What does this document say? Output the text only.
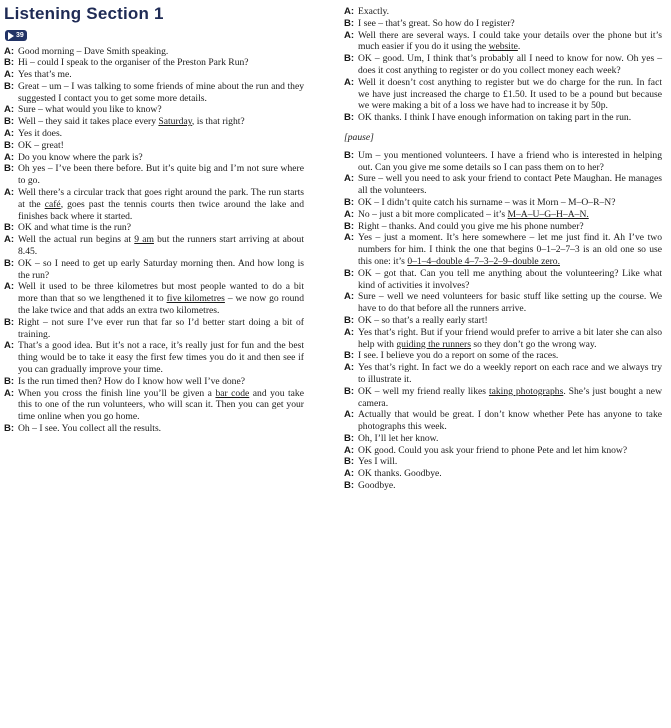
Listening Section 1
39
A: Good morning – Dave Smith speaking.
B: Hi – could I speak to the organiser of the Preston Park Run?
A: Yes that’s me.
B: Great – um – I was talking to some friends of mine about the run and they suggested I contact you to get some more details.
A: Sure – what would you like to know?
B: Well – they said it takes place every Saturday, is that right?
A: Yes it does.
B: OK – great!
A: Do you know where the park is?
B: Oh yes – I’ve been there before. But it’s quite big and I’m not sure where to go.
A: Well there’s a circular track that goes right around the park. The run starts at the café, goes past the tennis courts then twice around the lake and finishes back where it started.
B: OK and what time is the run?
A: Well the actual run begins at 9 am but the runners start arriving at about 8.45.
B: OK – so I need to get up early Saturday morning then. And how long is the run?
A: Well it used to be three kilometres but most people wanted to do a bit more than that so we lengthened it to five kilometres – we now go round the lake twice and that adds an extra two kilometres.
B: Right – not sure I’ve ever run that far so I’d better start doing a bit of training.
A: That’s a good idea. But it’s not a race, it’s really just for fun and the best thing would be to take it easy the first few times you do it and then see if you can gradually improve your time.
B: Is the run timed then? How do I know how well I’ve done?
A: When you cross the finish line you’ll be given a bar code and you take this to one of the run volunteers, who will scan it. Then you can get your time online when you go home.
B: Oh – I see. You collect all the results.
A: Exactly.
B: I see – that’s great. So how do I register?
A: Well there are several ways. I could take your details over the phone but it’s much easier if you do it using the website.
B: OK – good. Um, I think that’s probably all I need to know for now. Oh yes – does it cost anything to register or do you collect money each week?
A: Well it doesn’t cost anything to register but we do charge for the run. In fact we have just increased the charge to £1.50. It used to be a pound but because we were making a bit of a loss we have had to increase it by 50p.
B: OK thanks. I think I have enough information on taking part in the run.
[pause]
B: Um – you mentioned volunteers. I have a friend who is interested in helping out. Can you give me some details so I can pass them on to her?
A: Sure – well you need to ask your friend to contact Pete Maughan. He manages all the volunteers.
B: OK – I didn’t quite catch his surname – was it Morn – M–O–R–N?
A: No – just a bit more complicated – it’s M–A–U–G–H–A–N.
B: Right – thanks. And could you give me his phone number?
A: Yes – just a moment. It’s here somewhere – let me just find it. Ah I’ve two numbers for him. I think the one that begins 0–1–2–7–3 is an old one so use this one: it’s 0–1–4–double 4–7–3–2–9–double zero.
B: OK – got that. Can you tell me anything about the volunteering? Like what kind of activities it involves?
A: Sure – well we need volunteers for basic stuff like setting up the course. We have to do that before all the runners arrive.
B: OK – so that’s a really early start!
A: Yes that’s right. But if your friend would prefer to arrive a bit later she can also help with guiding the runners so they don’t go the wrong way.
B: I see. I believe you do a report on some of the races.
A: Yes that’s right. In fact we do a weekly report on each race and we always try to illustrate it.
B: OK – well my friend really likes taking photographs. She’s just bought a new camera.
A: Actually that would be great. I don’t know whether Pete has anyone to take photographs this week.
B: Oh, I’ll let her know.
A: OK good. Could you ask your friend to phone Pete and let him know?
B: Yes I will.
A: OK thanks. Goodbye.
B: Goodbye.
